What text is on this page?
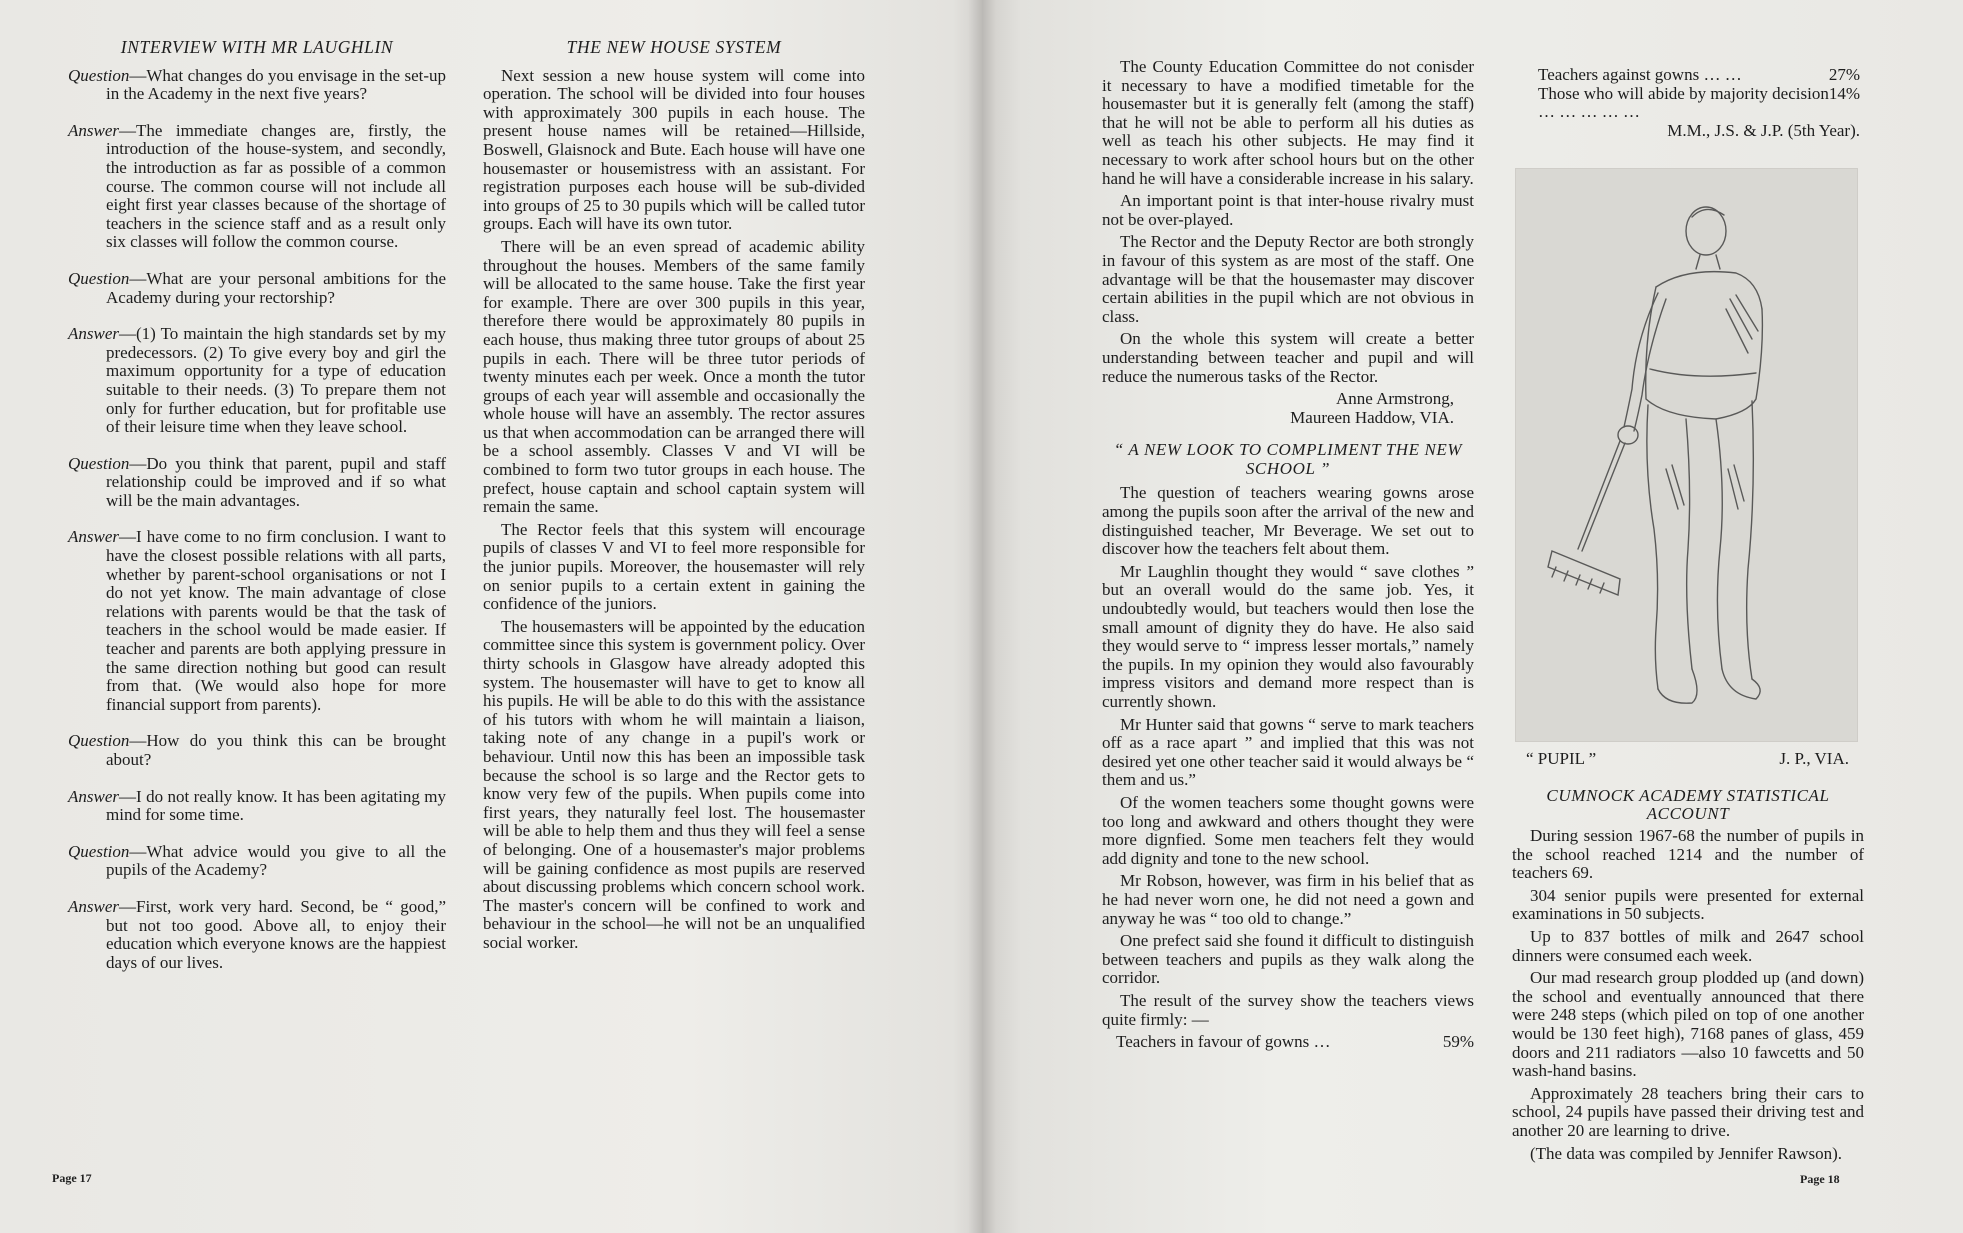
INTERVIEW WITH MR LAUGHLIN
Question—What changes do you envisage in the set-up in the Academy in the next five years?
Answer—The immediate changes are, firstly, the introduction of the house-system, and secondly, the introduction as far as possible of a common course. The common course will not include all eight first year classes because of the shortage of teachers in the science staff and as a result only six classes will follow the common course.
Question—What are your personal ambitions for the Academy during your rectorship?
Answer—(1) To maintain the high standards set by my predecessors. (2) To give every boy and girl the maximum opportunity for a type of education suitable to their needs. (3) To prepare them not only for further education, but for profitable use of their leisure time when they leave school.
Question—Do you think that parent, pupil and staff relationship could be improved and if so what will be the main advantages.
Answer—I have come to no firm conclusion. I want to have the closest possible relations with all parts, whether by parent-school organisations or not I do not yet know. The main advantage of close relations with parents would be that the task of teachers in the school would be made easier. If teacher and parents are both applying pressure in the same direction nothing but good can result from that. (We would also hope for more financial support from parents).
Question—How do you think this can be brought about?
Answer—I do not really know. It has been agitating my mind for some time.
Question—What advice would you give to all the pupils of the Academy?
Answer—First, work very hard. Second, be “ good,” but not too good. Above all, to enjoy their education which everyone knows are the happiest days of our lives.
THE NEW HOUSE SYSTEM

Next session a new house system will come into operation. The school will be divided into four houses with approximately 300 pupils in each house. The present house names will be retained—Hillside, Boswell, Glaisnock and Bute. Each house will have one housemaster or housemistress with an assistant. For registration purposes each house will be sub-divided into groups of 25 to 30 pupils which will be called tutor groups. Each will have its own tutor.

There will be an even spread of academic ability throughout the houses. Members of the same family will be allocated to the same house. Take the first year for example. There are over 300 pupils in this year, therefore there would be approximately 80 pupils in each house, thus making three tutor groups of about 25 pupils in each. There will be three tutor periods of twenty minutes each per week. Once a month the tutor groups of each year will assemble and occasionally the whole house will have an assembly. The rector assures us that when accommodation can be arranged there will be a school assembly. Classes V and VI will be combined to form two tutor groups in each house. The prefect, house captain and school captain system will remain the same.

The Rector feels that this system will encourage pupils of classes V and VI to feel more responsible for the junior pupils. Moreover, the housemaster will rely on senior pupils to a certain extent in gaining the confidence of the juniors.

The housemasters will be appointed by the education committee since this system is government policy. Over thirty schools in Glasgow have already adopted this system. The housemaster will have to get to know all his pupils. He will be able to do this with the assistance of his tutors with whom he will maintain a liaison, taking note of any change in a pupil's work or behaviour. Until now this has been an impossible task because the school is so large and the Rector gets to know very few of the pupils. When pupils come into first years, they naturally feel lost. The housemaster will be able to help them and thus they will feel a sense of belonging. One of a housemaster's major problems will be gaining confidence as most pupils are reserved about discussing problems which concern school work. The master's concern will be confined to work and behaviour in the school—he will not be an unqualified social worker.

Page 17

The County Education Committee do not conisder it necessary to have a modified timetable for the housemaster but it is generally felt (among the staff) that he will not be able to perform all his duties as well as teach his other subjects. He may find it necessary to work after school hours but on the other hand he will have a considerable increase in his salary.

An important point is that inter-house rivalry must not be over-played.

The Rector and the Deputy Rector are both strongly in favour of this system as are most of the staff. One advantage will be that the housemaster may discover certain abilities in the pupil which are not obvious in class.

On the whole this system will create a better understanding between teacher and pupil and will reduce the numerous tasks of the Rector.

Anne Armstrong,
Maureen Haddow, VIA.
“ A NEW LOOK TO COMPLIMENT THE NEW SCHOOL ”

The question of teachers wearing gowns arose among the pupils soon after the arrival of the new and distinguished teacher, Mr Beverage. We set out to discover how the teachers felt about them.

Mr Laughlin thought they would “ save clothes ” but an overall would do the same job. Yes, it undoubtedly would, but teachers would then lose the small amount of dignity they do have. He also said they would serve to “ impress lesser mortals,” namely the pupils. In my opinion they would also favourably impress visitors and demand more respect than is currently shown.

Mr Hunter said that gowns “ serve to mark teachers off as a race apart ” and implied that this was not desired yet one other teacher said it would always be “ them and us.”

Of the women teachers some thought gowns were too long and awkward and others thought they were more dignfied. Some men teachers felt they would add dignity and tone to the new school.

Mr Robson, however, was firm in his belief that as he had never worn one, he did not need a gown and anyway he was “ too old to change.”

One prefect said she found it difficult to distinguish between teachers and pupils as they walk along the corridor.

The result of the survey show the teachers views quite firmly: —

Teachers in favour of gowns …	59%
Teachers against gowns … …	27%
Those who will abide by majority decision … … … … …
14%
M.M., J.S. & J.P. (5th Year).
“ PUPIL ”	J. P., VIA.
CUMNOCK ACADEMY STATISTICAL ACCOUNT

During session 1967-68 the number of pupils in the school reached 1214 and the number of teachers 69.

304 senior pupils were presented for external examinations in 50 subjects.

Up to 837 bottles of milk and 2647 school dinners were consumed each week.

Our mad research group plodded up (and down) the school and eventually announced that there were 248 steps (which piled on top of one another would be 130 feet high), 7168 panes of glass, 459 doors and 211 radiators —also 10 fawcetts and 50 wash-hand basins.

Approximately 28 teachers bring their cars to school, 24 pupils have passed their driving test and another 20 are learning to drive.

(The data was compiled by Jennifer Rawson).

Page 18
